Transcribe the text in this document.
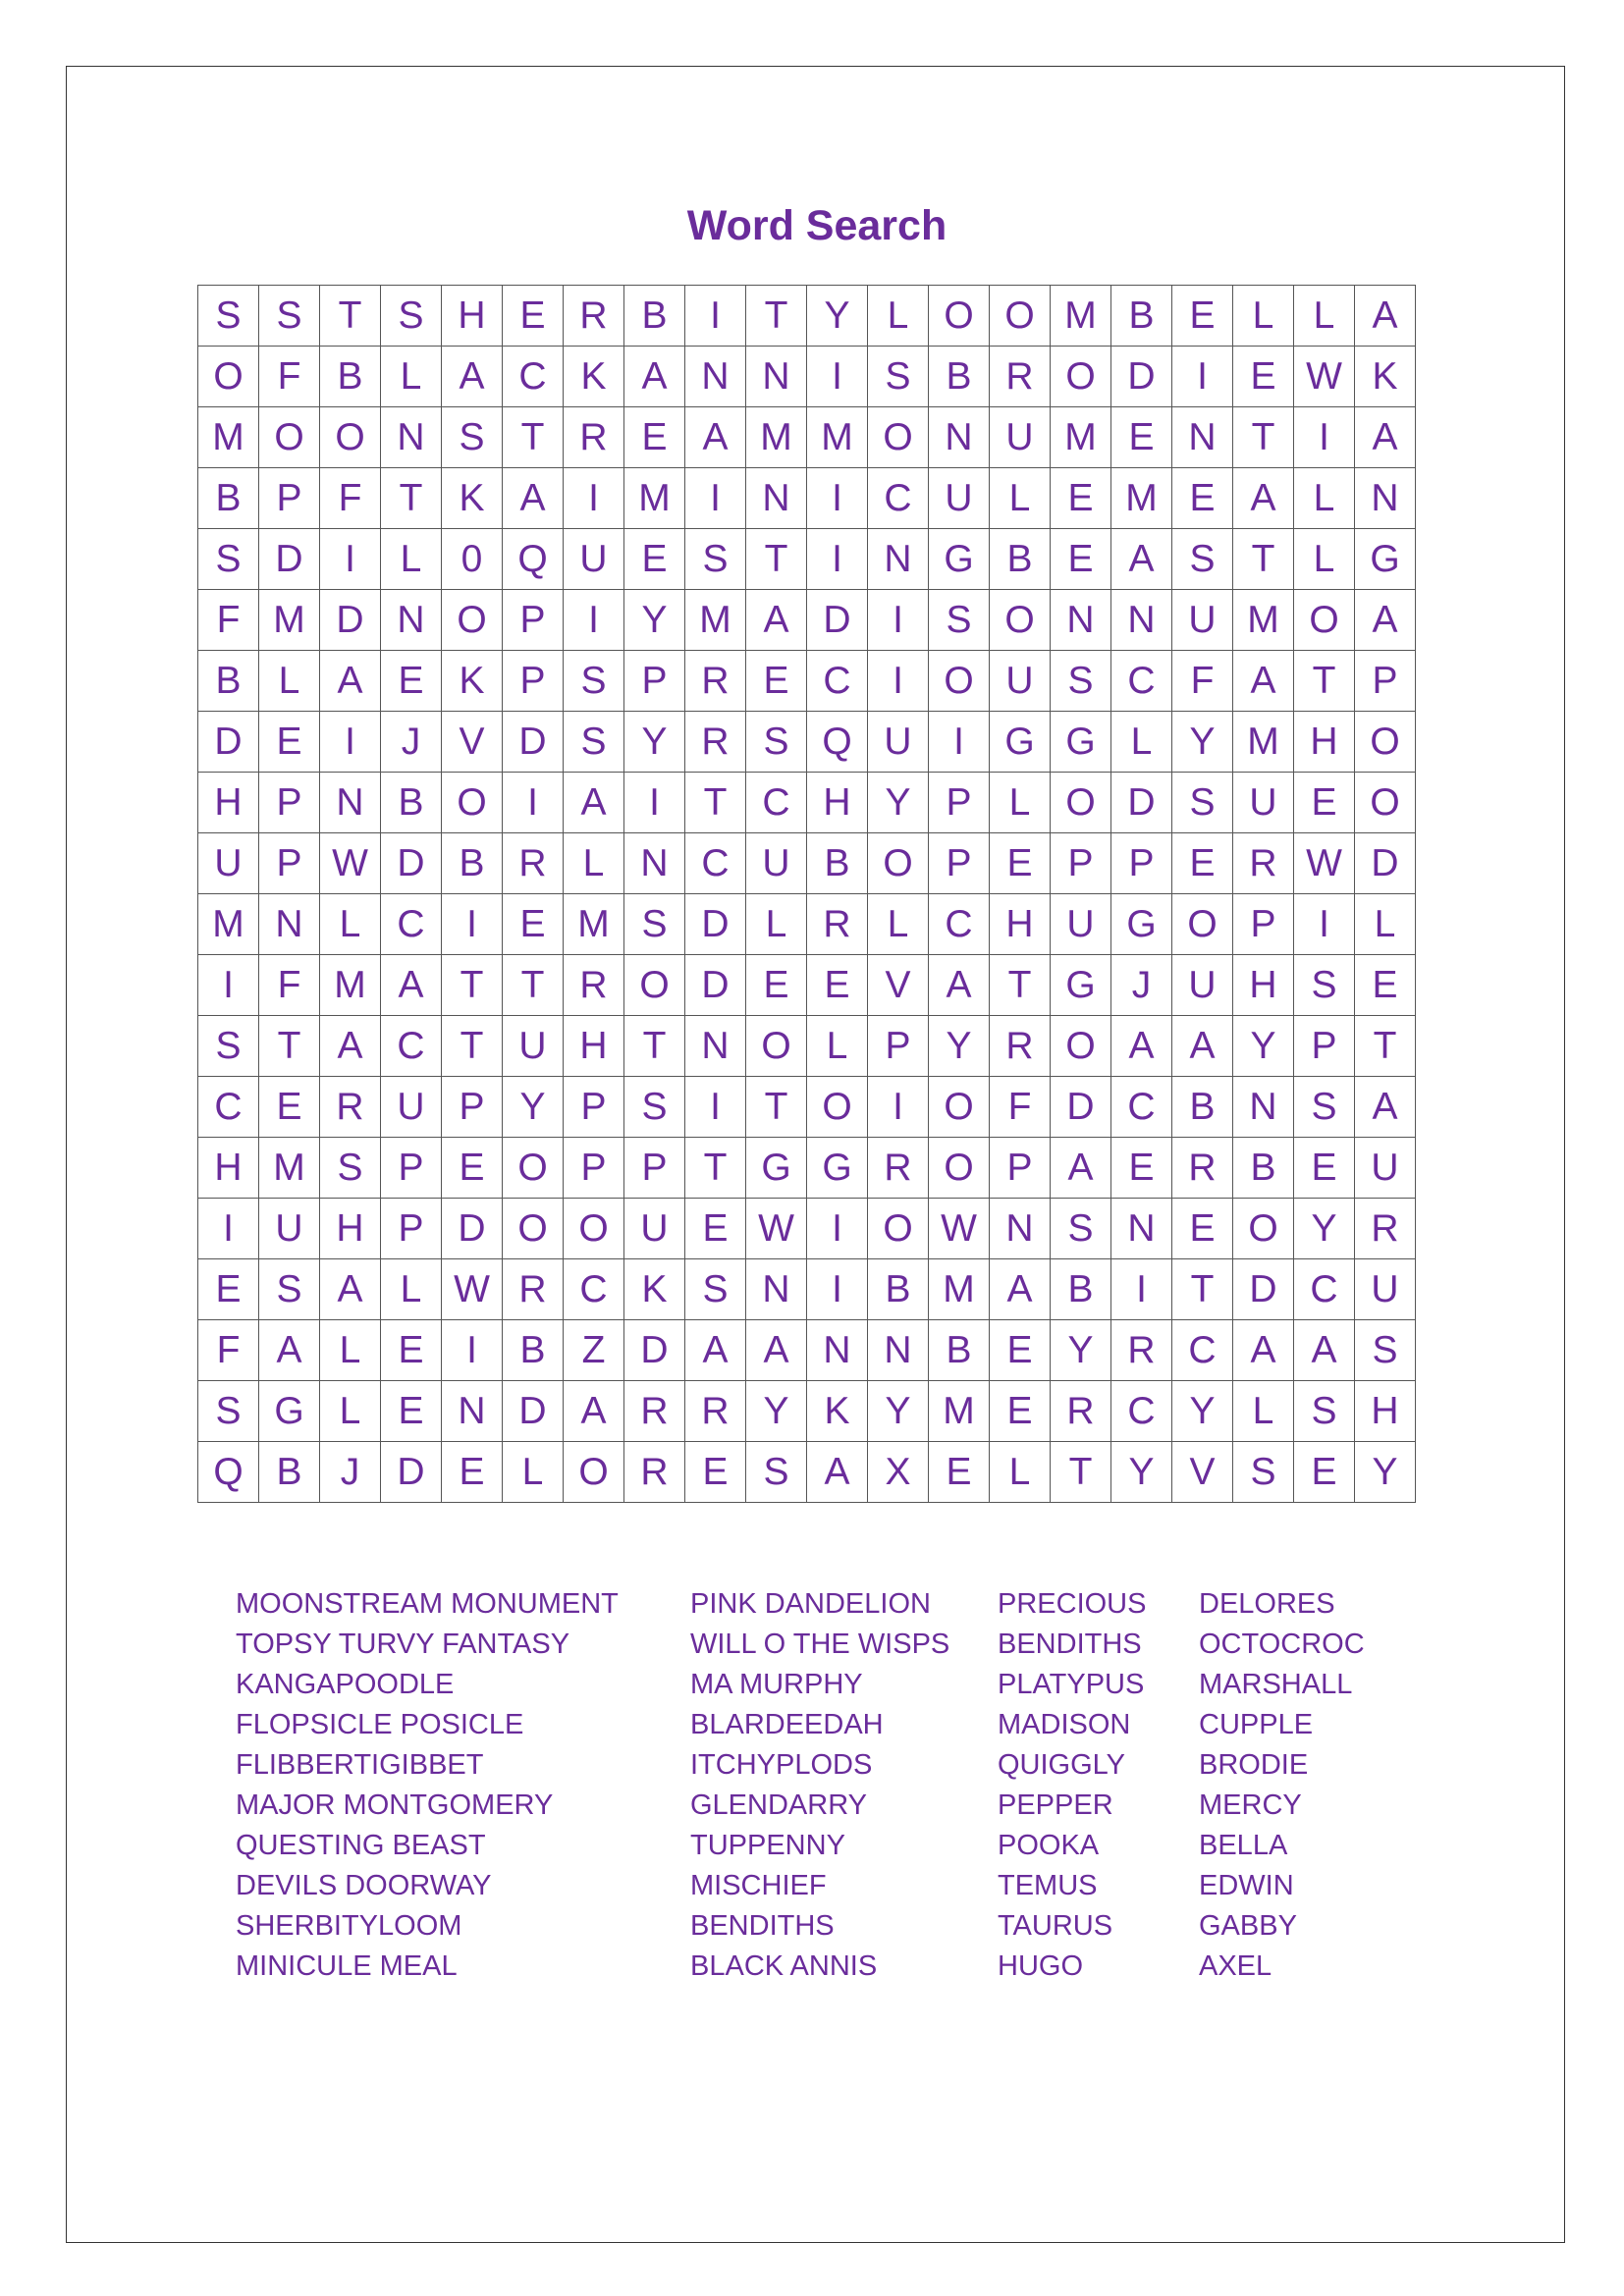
Word Search
S	S	T	S	H	E	R	B	I	T	Y	L	O	O	M	B	E	L	L	A
O	F	B	L	A	C	K	A	N	N	I	S	B	R	O	D	I	E	W	K
M	O	O	N	S	T	R	E	A	M	M	O	N	U	M	E	N	T	I	A
B	P	F	T	K	A	I	M	I	N	I	C	U	L	E	M	E	A	L	N
S	D	I	L	0	Q	U	E	S	T	I	N	G	B	E	A	S	T	L	G
F	M	D	N	O	P	I	Y	M	A	D	I	S	O	N	N	U	M	O	A
B	L	A	E	K	P	S	P	R	E	C	I	O	U	S	C	F	A	T	P
D	E	I	J	V	D	S	Y	R	S	Q	U	I	G	G	L	Y	M	H	O
H	P	N	B	O	I	A	I	T	C	H	Y	P	L	O	D	S	U	E	O
U	P	W	D	B	R	L	N	C	U	B	O	P	E	P	P	E	R	W	D
M	N	L	C	I	E	M	S	D	L	R	L	C	H	U	G	O	P	I	L
I	F	M	A	T	T	R	O	D	E	E	V	A	T	G	J	U	H	S	E
S	T	A	C	T	U	H	T	N	O	L	P	Y	R	O	A	A	Y	P	T
C	E	R	U	P	Y	P	S	I	T	O	I	O	F	D	C	B	N	S	A
H	M	S	P	E	O	P	P	T	G	G	R	O	P	A	E	R	B	E	U
I	U	H	P	D	O	O	U	E	W	I	O	W	N	S	N	E	O	Y	R
E	S	A	L	W	R	C	K	S	N	I	B	M	A	B	I	T	D	C	U
F	A	L	E	I	B	Z	D	A	A	N	N	B	E	Y	R	C	A	A	S
S	G	L	E	N	D	A	R	R	Y	K	Y	M	E	R	C	Y	L	S	H
Q	B	J	D	E	L	O	R	E	S	A	X	E	L	T	Y	V	S	E	Y
MOONSTREAM MONUMENT
TOPSY TURVY FANTASY
KANGAPOODLE
FLOPSICLE POSICLE
FLIBBERTIGIBBET
MAJOR MONTGOMERY
QUESTING BEAST
DEVILS DOORWAY
SHERBITYLOOM
MINICULE MEAL
PINK DANDELION
WILL O THE WISPS
MA MURPHY
BLARDEEDAH
ITCHYPLODS
GLENDARRY
TUPPENNY
MISCHIEF
BENDITHS
BLACK ANNIS
PRECIOUS
BENDITHS
PLATYPUS
MADISON
QUIGGLY
PEPPER
POOKA
TEMUS
TAURUS
HUGO
DELORES
OCTOCROC
MARSHALL
CUPPLE
BRODIE
MERCY
BELLA
EDWIN
GABBY
AXEL
